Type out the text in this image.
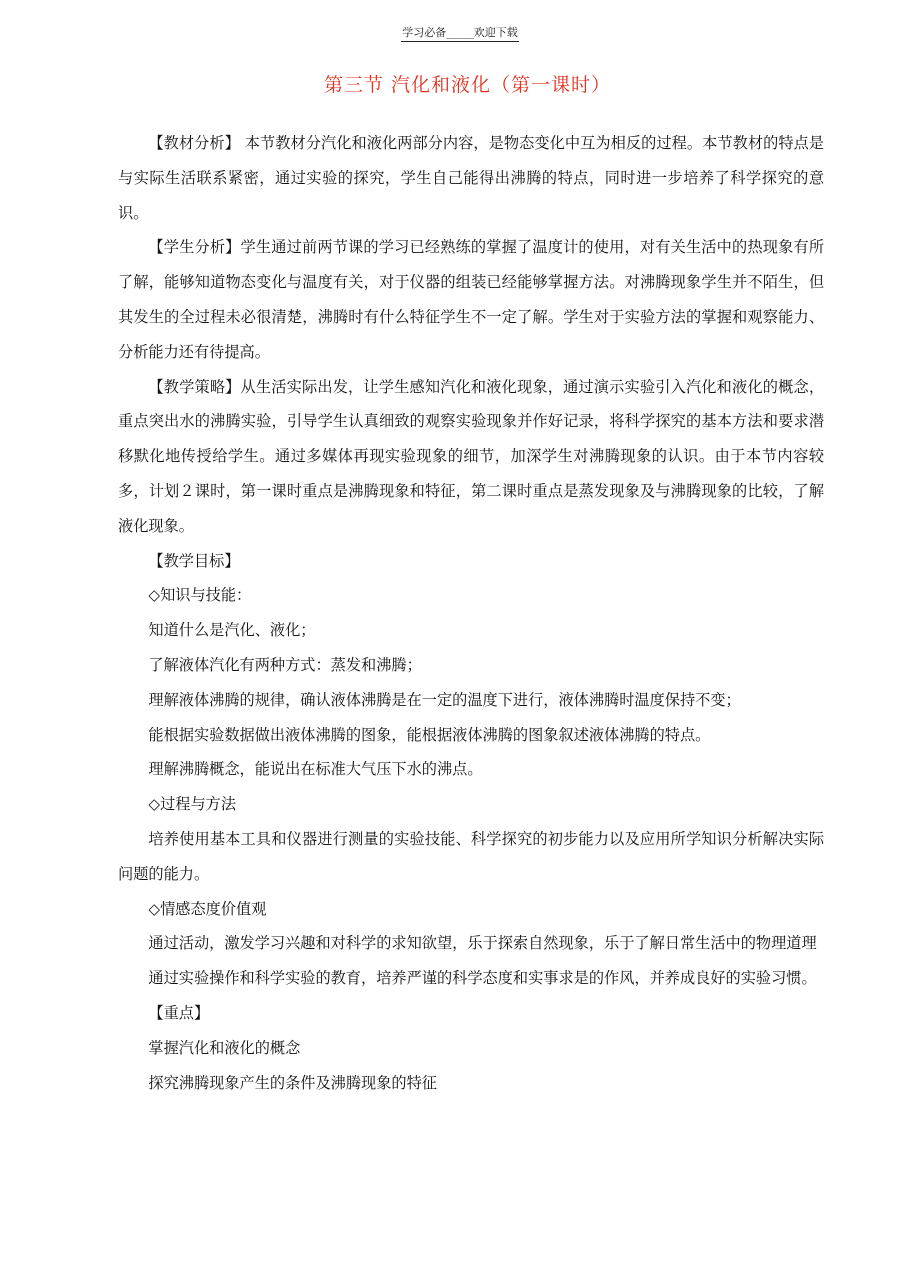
学习必备_____欢迎下载
第三节 汽化和液化（第一课时）

【教材分析】 本节教材分汽化和液化两部分内容，是物态变化中互为相反的过程。本节教材的特点是与实际生活联系紧密，通过实验的探究，学生自己能得出沸腾的特点，同时进一步培养了科学探究的意识。

【学生分析】学生通过前两节课的学习已经熟练的掌握了温度计的使用，对有关生活中的热现象有所了解，能够知道物态变化与温度有关，对于仪器的组装已经能够掌握方法。对沸腾现象学生并不陌生，但其发生的全过程未必很清楚，沸腾时有什么特征学生不一定了解。学生对于实验方法的掌握和观察能力、分析能力还有待提高。

【教学策略】从生活实际出发，让学生感知汽化和液化现象，通过演示实验引入汽化和液化的概念，重点突出水的沸腾实验，引导学生认真细致的观察实验现象并作好记录，将科学探究的基本方法和要求潜移默化地传授给学生。通过多媒体再现实验现象的细节，加深学生对沸腾现象的认识。由于本节内容较多，计划２课时，第一课时重点是沸腾现象和特征，第二课时重点是蒸发现象及与沸腾现象的比较，了解液化现象。

【教学目标】

◇知识与技能：

知道什么是汽化、液化；

了解液体汽化有两种方式：蒸发和沸腾；

理解液体沸腾的规律，确认液体沸腾是在一定的温度下进行，液体沸腾时温度保持不变；

能根据实验数据做出液体沸腾的图象，能根据液体沸腾的图象叙述液体沸腾的特点。

理解沸腾概念，能说出在标准大气压下水的沸点。

◇过程与方法

培养使用基本工具和仪器进行测量的实验技能、科学探究的初步能力以及应用所学知识分析解决实际问题的能力。

◇情感态度价值观

通过活动，激发学习兴趣和对科学的求知欲望，乐于探索自然现象，乐于了解日常生活中的物理道理

通过实验操作和科学实验的教育，培养严谨的科学态度和实事求是的作风，并养成良好的实验习惯。

【重点】

掌握汽化和液化的概念

探究沸腾现象产生的条件及沸腾现象的特征
